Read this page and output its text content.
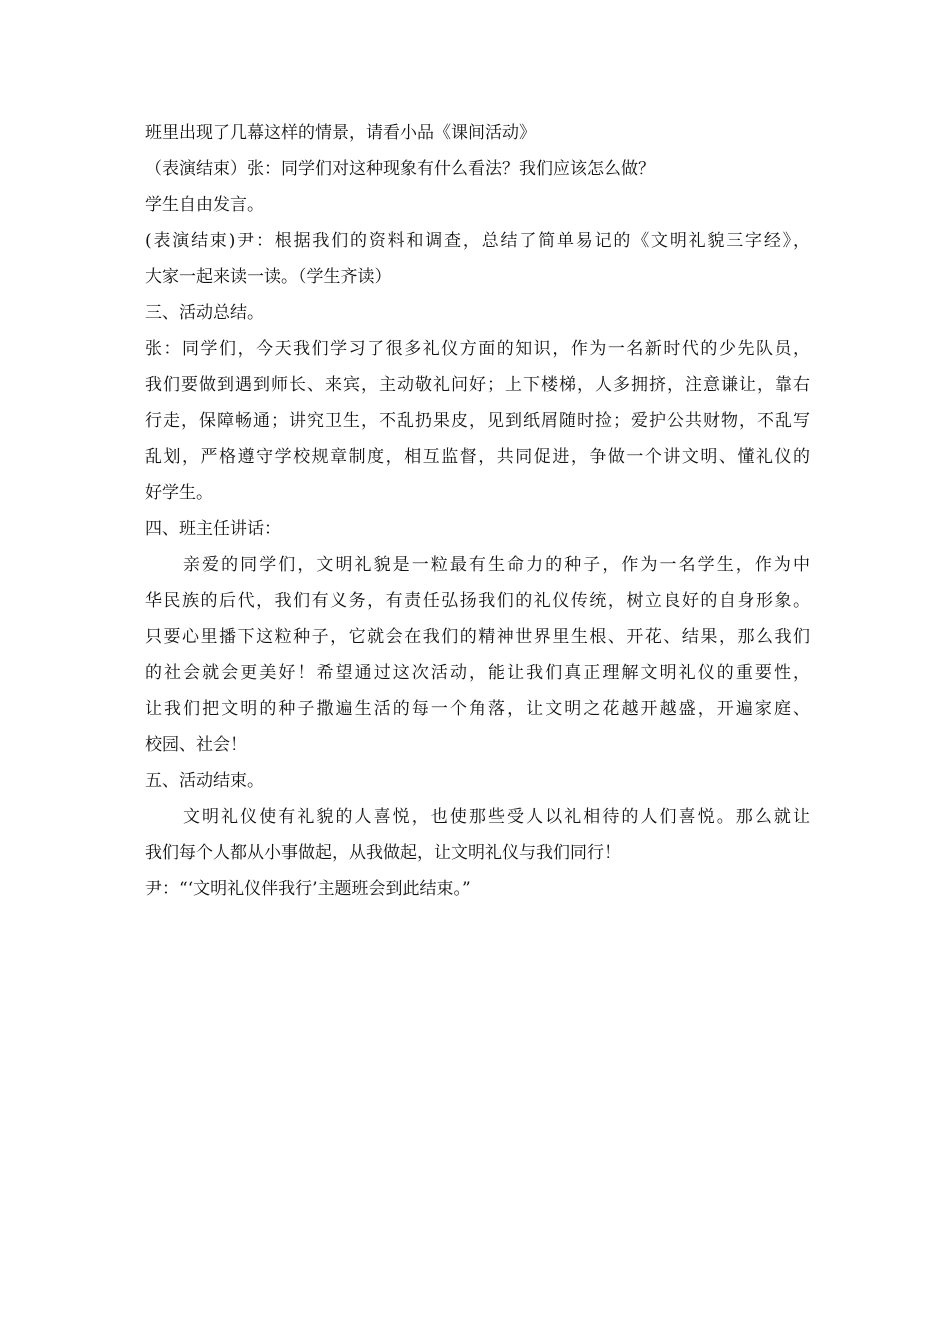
班里出现了几幕这样的情景，请看小品《课间活动》
（表演结束）张：同学们对这种现象有什么看法？我们应该怎么做？
学生自由发言。
(表演结束)尹：根据我们的资料和调查，总结了简单易记的《文明礼貌三字经》，
大家一起来读一读。（学生齐读）
三、活动总结。
张：同学们，今天我们学习了很多礼仪方面的知识，作为一名新时代的少先队员，
我们要做到遇到师长、来宾，主动敬礼问好；上下楼梯，人多拥挤，注意谦让，靠右
行走，保障畅通；讲究卫生，不乱扔果皮，见到纸屑随时捡；爱护公共财物，不乱写
乱划，严格遵守学校规章制度，相互监督，共同促进，争做一个讲文明、懂礼仪的
好学生。
四、班主任讲话：
亲爱的同学们，文明礼貌是一粒最有生命力的种子，作为一名学生，作为中
华民族的后代，我们有义务，有责任弘扬我们的礼仪传统，树立良好的自身形象。
只要心里播下这粒种子，它就会在我们的精神世界里生根、开花、结果，那么我们
的社会就会更美好！希望通过这次活动，能让我们真正理解文明礼仪的重要性，
让我们把文明的种子撒遍生活的每一个角落，让文明之花越开越盛，开遍家庭、
校园、社会！
五、活动结束。
文明礼仪使有礼貌的人喜悦，也使那些受人以礼相待的人们喜悦。那么就让
我们每个人都从小事做起，从我做起，让文明礼仪与我们同行！
尹：“‘文明礼仪伴我行’主题班会到此结束。”
